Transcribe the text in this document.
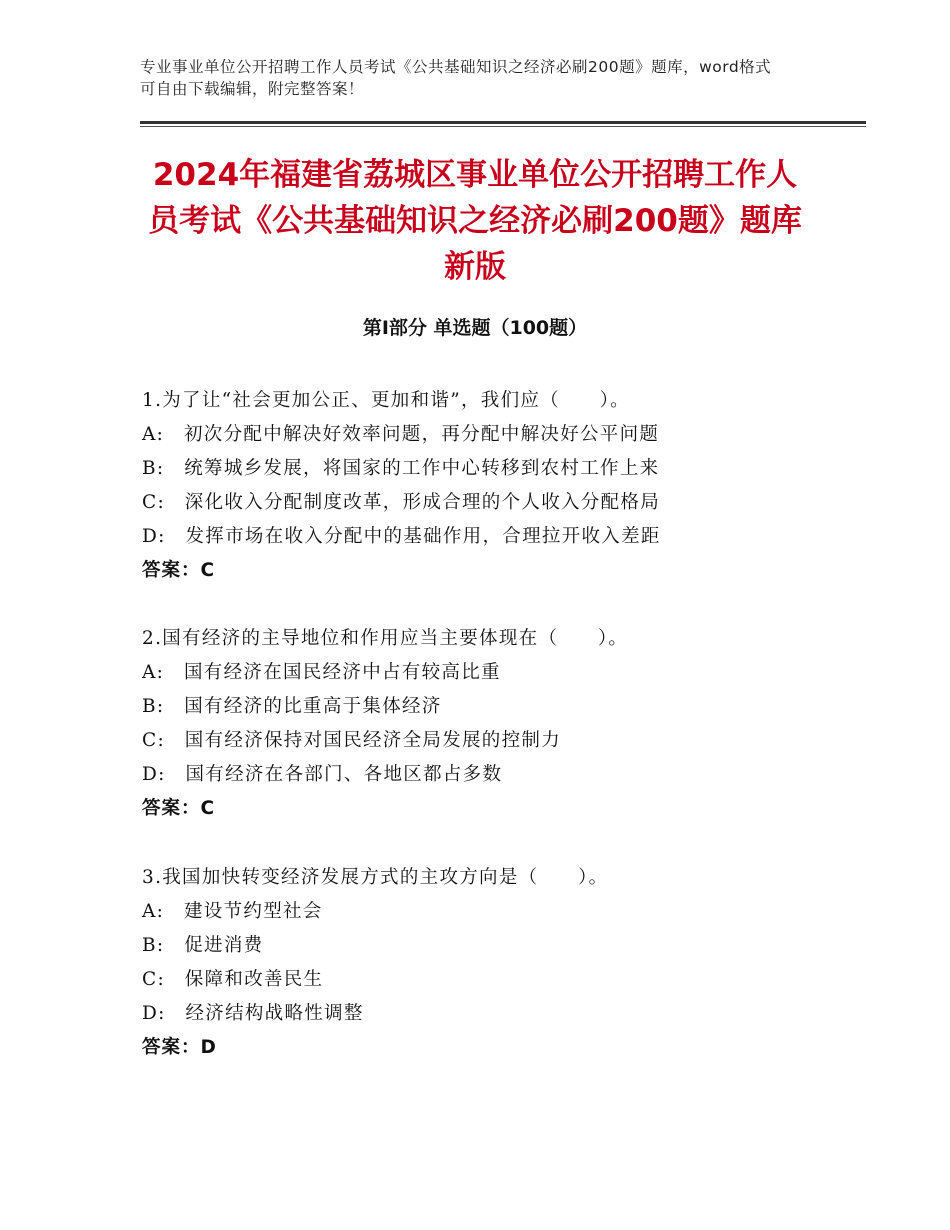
专业事业单位公开招聘工作人员考试《公共基础知识之经济必刷200题》题库，word格式可自由下载编辑，附完整答案！
2024年福建省荔城区事业单位公开招聘工作人员考试《公共基础知识之经济必刷200题》题库新版
第Ⅰ部分 单选题（100题）
1.为了让“社会更加公正、更加和谐”，我们应（　　）。
A:　初次分配中解决好效率问题，再分配中解决好公平问题
B:　统筹城乡发展，将国家的工作中心转移到农村工作上来
C:　深化收入分配制度改革，形成合理的个人收入分配格局
D:　发挥市场在收入分配中的基础作用，合理拉开收入差距
答案：C
2.国有经济的主导地位和作用应当主要体现在（　　）。
A:　国有经济在国民经济中占有较高比重
B:　国有经济的比重高于集体经济
C:　国有经济保持对国民经济全局发展的控制力
D:　国有经济在各部门、各地区都占多数
答案：C
3.我国加快转变经济发展方式的主攻方向是（　　）。
A:　建设节约型社会
B:　促进消费
C:　保障和改善民生
D:　经济结构战略性调整
答案：D
